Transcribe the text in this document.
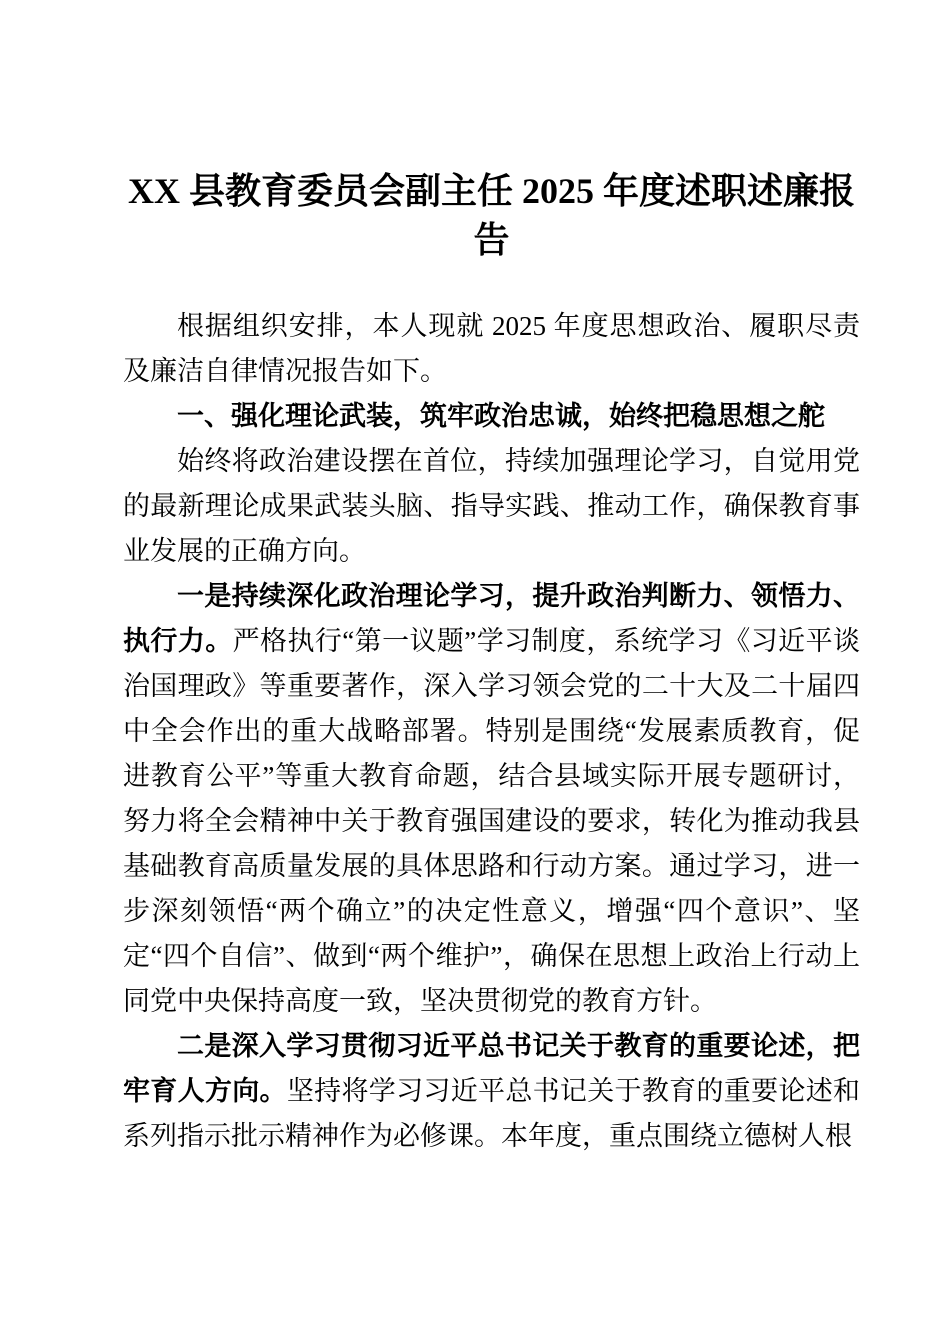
XX 县教育委员会副主任 2025 年度述职述廉报告

根据组织安排，本人现就 2025 年度思想政治、履职尽责及廉洁自律情况报告如下。

一、强化理论武装，筑牢政治忠诚，始终把稳思想之舵

始终将政治建设摆在首位，持续加强理论学习，自觉用党的最新理论成果武装头脑、指导实践、推动工作，确保教育事业发展的正确方向。

一是持续深化政治理论学习，提升政治判断力、领悟力、执行力。严格执行“第一议题”学习制度，系统学习《习近平谈治国理政》等重要著作，深入学习领会党的二十大及二十届四中全会作出的重大战略部署。特别是围绕“发展素质教育，促进教育公平”等重大教育命题，结合县域实际开展专题研讨，努力将全会精神中关于教育强国建设的要求，转化为推动我县基础教育高质量发展的具体思路和行动方案。通过学习，进一步深刻领悟“两个确立”的决定性意义，增强“四个意识”、坚定“四个自信”、做到“两个维护”，确保在思想上政治上行动上同党中央保持高度一致，坚决贯彻党的教育方针。

二是深入学习贯彻习近平总书记关于教育的重要论述，把牢育人方向。坚持将学习习近平总书记关于教育的重要论述和系列指示批示精神作为必修课。本年度，重点围绕立德树人根
